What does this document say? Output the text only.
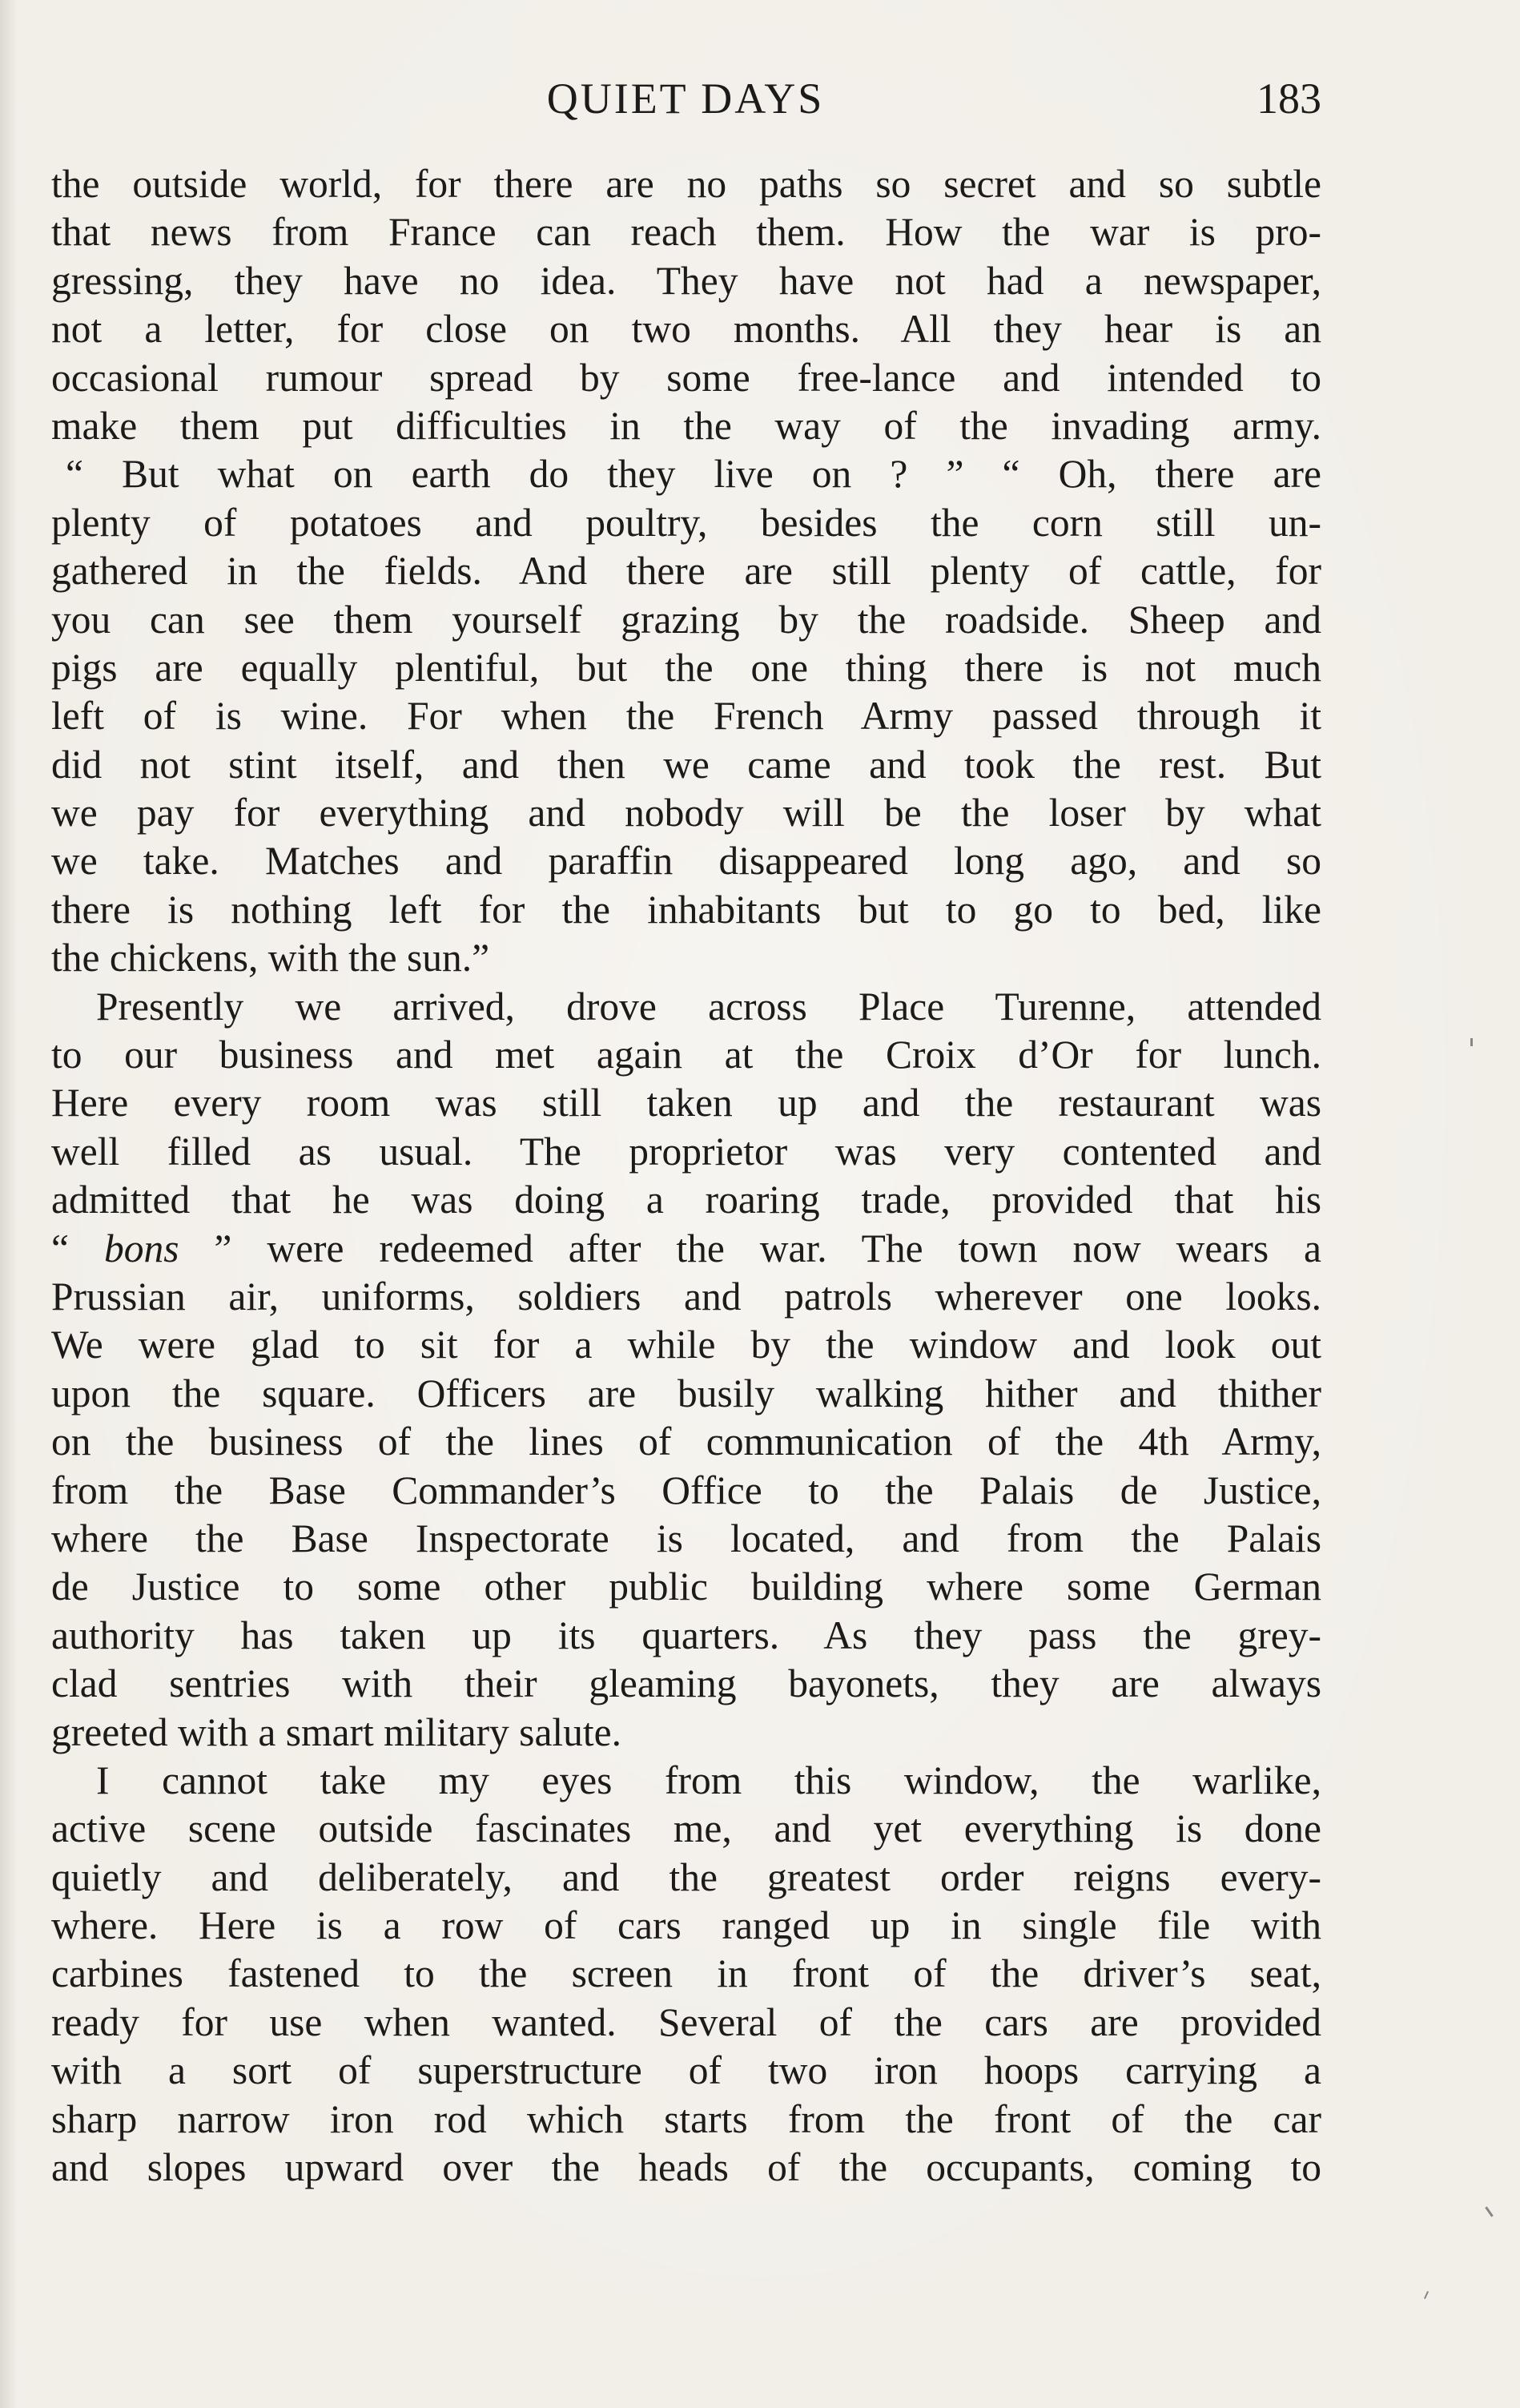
QUIET DAYS	183
the outside world, for there are no paths so secret and so subtle
that news from France can reach them. How the war is pro-
gressing, they have no idea. They have not had a newspaper,
not a letter, for close on two months. All they hear is an
occasional rumour spread by some free-lance and intended to
make them put difficulties in the way of the invading army.
“ But what on earth do they live on ? ” “ Oh, there are
plenty of potatoes and poultry, besides the corn still un-
gathered in the fields. And there are still plenty of cattle, for
you can see them yourself grazing by the roadside. Sheep and
pigs are equally plentiful, but the one thing there is not much
left of is wine. For when the French Army passed through it
did not stint itself, and then we came and took the rest. But
we pay for everything and nobody will be the loser by what
we take. Matches and paraffin disappeared long ago, and so
there is nothing left for the inhabitants but to go to bed, like
the chickens, with the sun.”
Presently we arrived, drove across Place Turenne, attended
to our business and met again at the Croix d’Or for lunch.
Here every room was still taken up and the restaurant was
well filled as usual. The proprietor was very contented and
admitted that he was doing a roaring trade, provided that his
“ bons ” were redeemed after the war. The town now wears a
Prussian air, uniforms, soldiers and patrols wherever one looks.
We were glad to sit for a while by the window and look out
upon the square. Officers are busily walking hither and thither
on the business of the lines of communication of the 4th Army,
from the Base Commander’s Office to the Palais de Justice,
where the Base Inspectorate is located, and from the Palais
de Justice to some other public building where some German
authority has taken up its quarters. As they pass the grey-
clad sentries with their gleaming bayonets, they are always
greeted with a smart military salute.
I cannot take my eyes from this window, the warlike,
active scene outside fascinates me, and yet everything is done
quietly and deliberately, and the greatest order reigns every-
where. Here is a row of cars ranged up in single file with
carbines fastened to the screen in front of the driver’s seat,
ready for use when wanted. Several of the cars are provided
with a sort of superstructure of two iron hoops carrying a
sharp narrow iron rod which starts from the front of the car
and slopes upward over the heads of the occupants, coming to
